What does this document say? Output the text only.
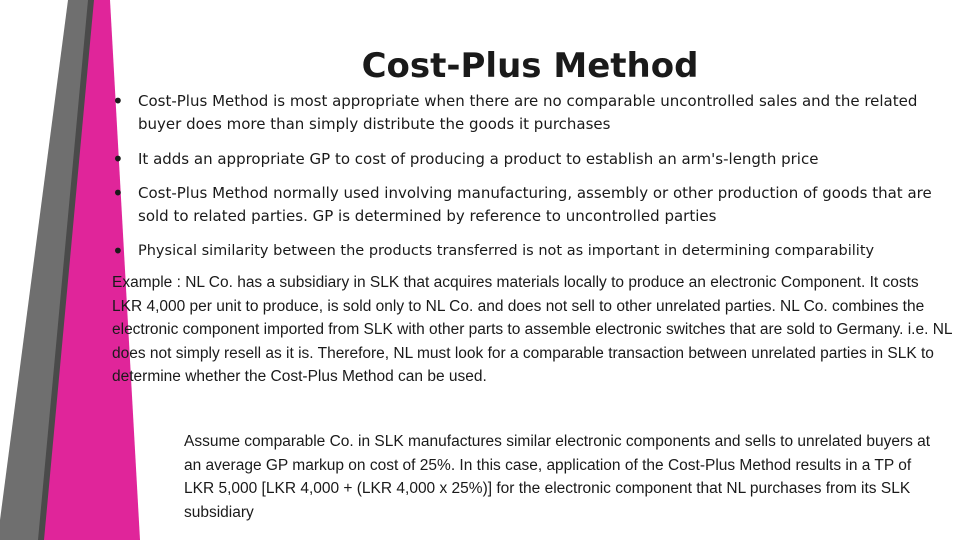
Cost-Plus Method
• Cost-Plus Method is most appropriate when there are no comparable uncontrolled sales and the related buyer does more than simply distribute the goods it purchases
• It adds an appropriate GP to cost of producing a product to establish an arm's-length price
• Cost-Plus Method normally used involving manufacturing, assembly or other production of goods that are sold to related parties. GP is determined by reference to uncontrolled parties
• Physical similarity between the products transferred is not as important in determining comparability
Example : NL Co. has a subsidiary in SLK that acquires materials locally to produce an electronic Component. It costs LKR 4,000 per unit to produce, is sold only to NL Co. and does not sell to other unrelated parties. NL Co. combines the electronic component imported from SLK with other parts to assemble electronic switches that are sold to Germany. i.e. NL does not simply resell as it is. Therefore, NL must look for a comparable transaction between unrelated parties in SLK to determine whether the Cost-Plus Method can be used.
Assume comparable Co. in SLK manufactures similar electronic components and sells to unrelated buyers at an average GP markup on cost of 25%. In this case, application of the Cost-Plus Method results in a TP of LKR 5,000 [LKR 4,000 + (LKR 4,000 x 25%)] for the electronic component that NL purchases from its SLK subsidiary
